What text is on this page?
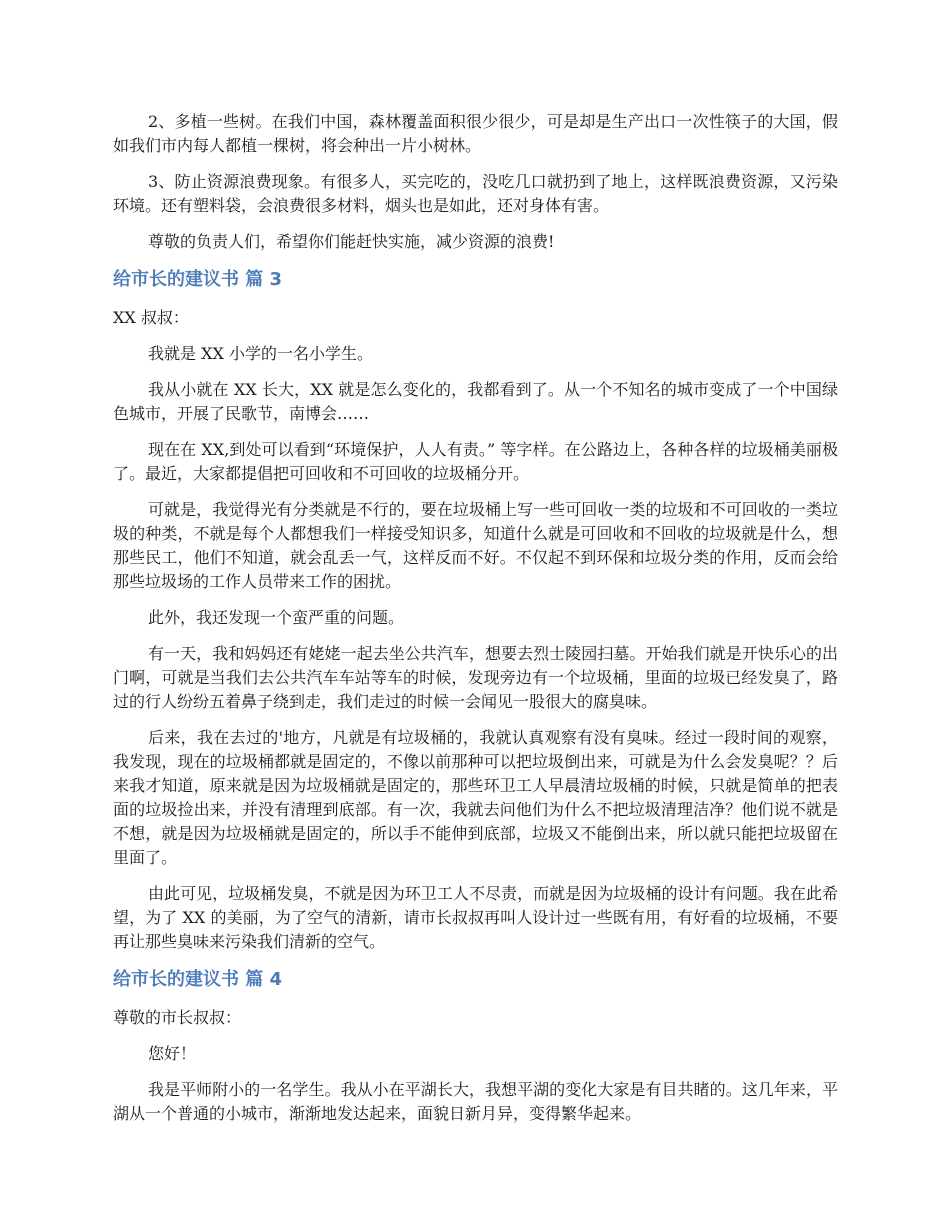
2、多植一些树。在我们中国，森林覆盖面积很少很少，可是却是生产出口一次性筷子的大国，假如我们市内每人都植一棵树，将会种出一片小树林。

3、防止资源浪费现象。有很多人，买完吃的，没吃几口就扔到了地上，这样既浪费资源，又污染环境。还有塑料袋，会浪费很多材料，烟头也是如此，还对身体有害。

尊敬的负责人们，希望你们能赶快实施，减少资源的浪费!

给市长的建议书 篇 3

XX 叔叔：

我就是 XX 小学的一名小学生。

我从小就在 XX 长大，XX 就是怎么变化的，我都看到了。从一个不知名的城市变成了一个中国绿色城市，开展了民歌节，南博会……

现在在 XX,到处可以看到“环境保护，人人有责。” 等字样。在公路边上，各种各样的垃圾桶美丽极了。最近，大家都提倡把可回收和不可回收的垃圾桶分开。

可就是，我觉得光有分类就是不行的，要在垃圾桶上写一些可回收一类的垃圾和不可回收的一类垃圾的种类，不就是每个人都想我们一样接受知识多，知道什么就是可回收和不回收的垃圾就是什么，想那些民工，他们不知道，就会乱丢一气，这样反而不好。不仅起不到环保和垃圾分类的作用，反而会给那些垃圾场的工作人员带来工作的困扰。

此外，我还发现一个蛮严重的问题。

有一天，我和妈妈还有姥姥一起去坐公共汽车，想要去烈士陵园扫墓。开始我们就是开快乐心的出门啊，可就是当我们去公共汽车车站等车的时候，发现旁边有一个垃圾桶，里面的垃圾已经发臭了，路过的行人纷纷五着鼻子绕到走，我们走过的时候一会闻见一股很大的腐臭味。

后来，我在去过的'地方，凡就是有垃圾桶的，我就认真观察有没有臭味。经过一段时间的观察，我发现，现在的垃圾桶都就是固定的，不像以前那种可以把垃圾倒出来，可就是为什么会发臭呢？？后来我才知道，原来就是因为垃圾桶就是固定的，那些环卫工人早晨清垃圾桶的时候，只就是简单的把表面的垃圾捡出来，并没有清理到底部。有一次，我就去问他们为什么不把垃圾清理洁净？他们说不就是不想，就是因为垃圾桶就是固定的，所以手不能伸到底部，垃圾又不能倒出来，所以就只能把垃圾留在里面了。

由此可见，垃圾桶发臭，不就是因为环卫工人不尽责，而就是因为垃圾桶的设计有问题。我在此希望，为了 XX 的美丽，为了空气的清新，请市长叔叔再叫人设计过一些既有用，有好看的垃圾桶，不要再让那些臭味来污染我们清新的空气。

给市长的建议书 篇 4

尊敬的市长叔叔：

您好！

我是平师附小的一名学生。我从小在平湖长大，我想平湖的变化大家是有目共睹的。这几年来，平湖从一个普通的小城市，渐渐地发达起来，面貌日新月异，变得繁华起来。
